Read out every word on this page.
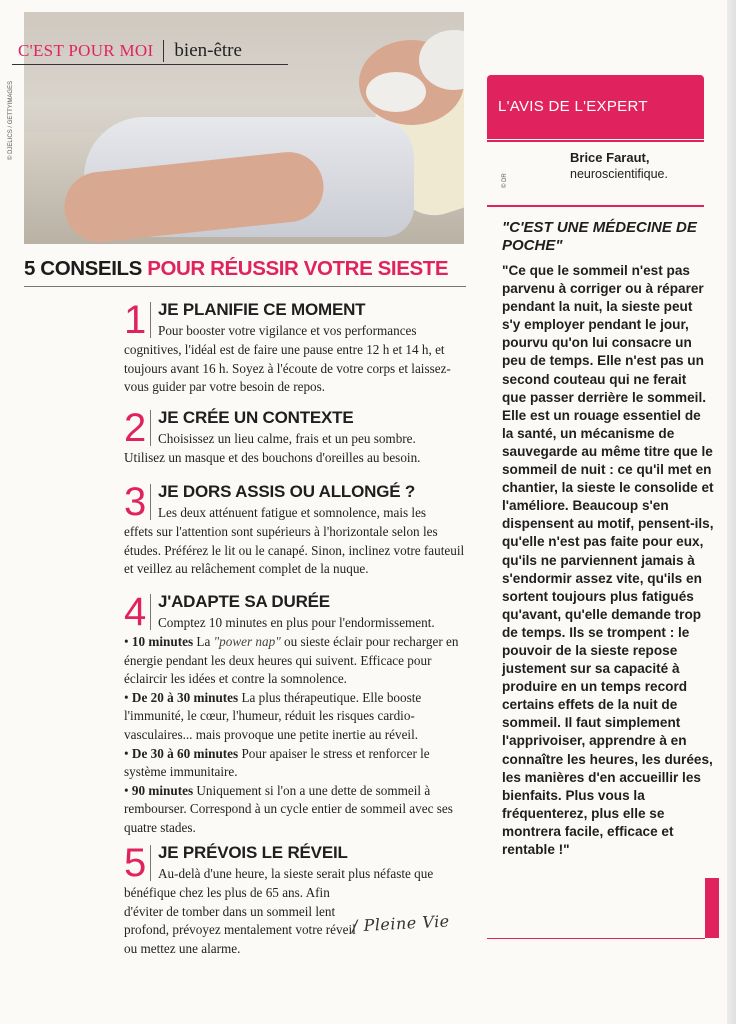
© DJELICS / GETTYIMAGES
C'EST POUR MOI bien-être
5 CONSEILS POUR RÉUSSIR VOTRE SIESTE
1 JE PLANIFIE CE MOMENT
Pour booster votre vigilance et vos performances
cognitives, l'idéal est de faire une pause entre 12 h et 14 h, et toujours avant 16 h. Soyez à l'écoute de votre corps et laissez-vous guider par votre besoin de repos.
2 JE CRÉE UN CONTEXTE
Choisissez un lieu calme, frais et un peu sombre.
Utilisez un masque et des bouchons d'oreilles au besoin.
3 JE DORS ASSIS OU ALLONGÉ ?
Les deux atténuent fatigue et somnolence, mais les
effets sur l'attention sont supérieurs à l'horizontale selon les études. Préférez le lit ou le canapé. Sinon, inclinez votre fauteuil et veillez au relâchement complet de la nuque.
4 J'ADAPTE SA DURÉE
Comptez 10 minutes en plus pour l'endormissement.
• 10 minutes La "power nap" ou sieste éclair pour recharger en énergie pendant les deux heures qui suivent. Efficace pour éclaircir les idées et contre la somnolence.
• De 20 à 30 minutes La plus thérapeutique. Elle booste l'immunité, le cœur, l'humeur, réduit les risques cardio-vasculaires... mais provoque une petite inertie au réveil.
• De 30 à 60 minutes Pour apaiser le stress et renforcer le système immunitaire.
• 90 minutes Uniquement si l'on a une dette de sommeil à rembourser. Correspond à un cycle entier de sommeil avec ses quatre stades.
5 JE PRÉVOIS LE RÉVEIL
Au-delà d'une heure, la sieste serait plus néfaste que
bénéfique chez les plus de 65 ans. Afin d'éviter de tomber dans un sommeil lent profond, prévoyez mentalement votre réveil ou mettez une alarme.
/ Pleine Vie
L'AVIS DE L'EXPERT
© DR
Brice Faraut,
neuroscientifique.
"C'EST UNE MÉDECINE DE POCHE"
"Ce que le sommeil n'est pas parvenu à corriger ou à réparer pendant la nuit, la sieste peut s'y employer pendant le jour, pourvu qu'on lui consacre un peu de temps. Elle n'est pas un second couteau qui ne ferait que passer derrière le sommeil. Elle est un rouage essentiel de la santé, un mécanisme de sauvegarde au même titre que le sommeil de nuit : ce qu'il met en chantier, la sieste le consolide et l'améliore. Beaucoup s'en dispensent au motif, pensent-ils, qu'elle n'est pas faite pour eux, qu'ils ne parviennent jamais à s'endormir assez vite, qu'ils en sortent toujours plus fatigués qu'avant, qu'elle demande trop de temps. Ils se trompent : le pouvoir de la sieste repose justement sur sa capacité à produire en un temps record certains effets de la nuit de sommeil. Il faut simplement l'apprivoiser, apprendre à en connaître les heures, les durées, les manières d'en accueillir les bienfaits. Plus vous la fréquenterez, plus elle se montrera facile, efficace et rentable !"
